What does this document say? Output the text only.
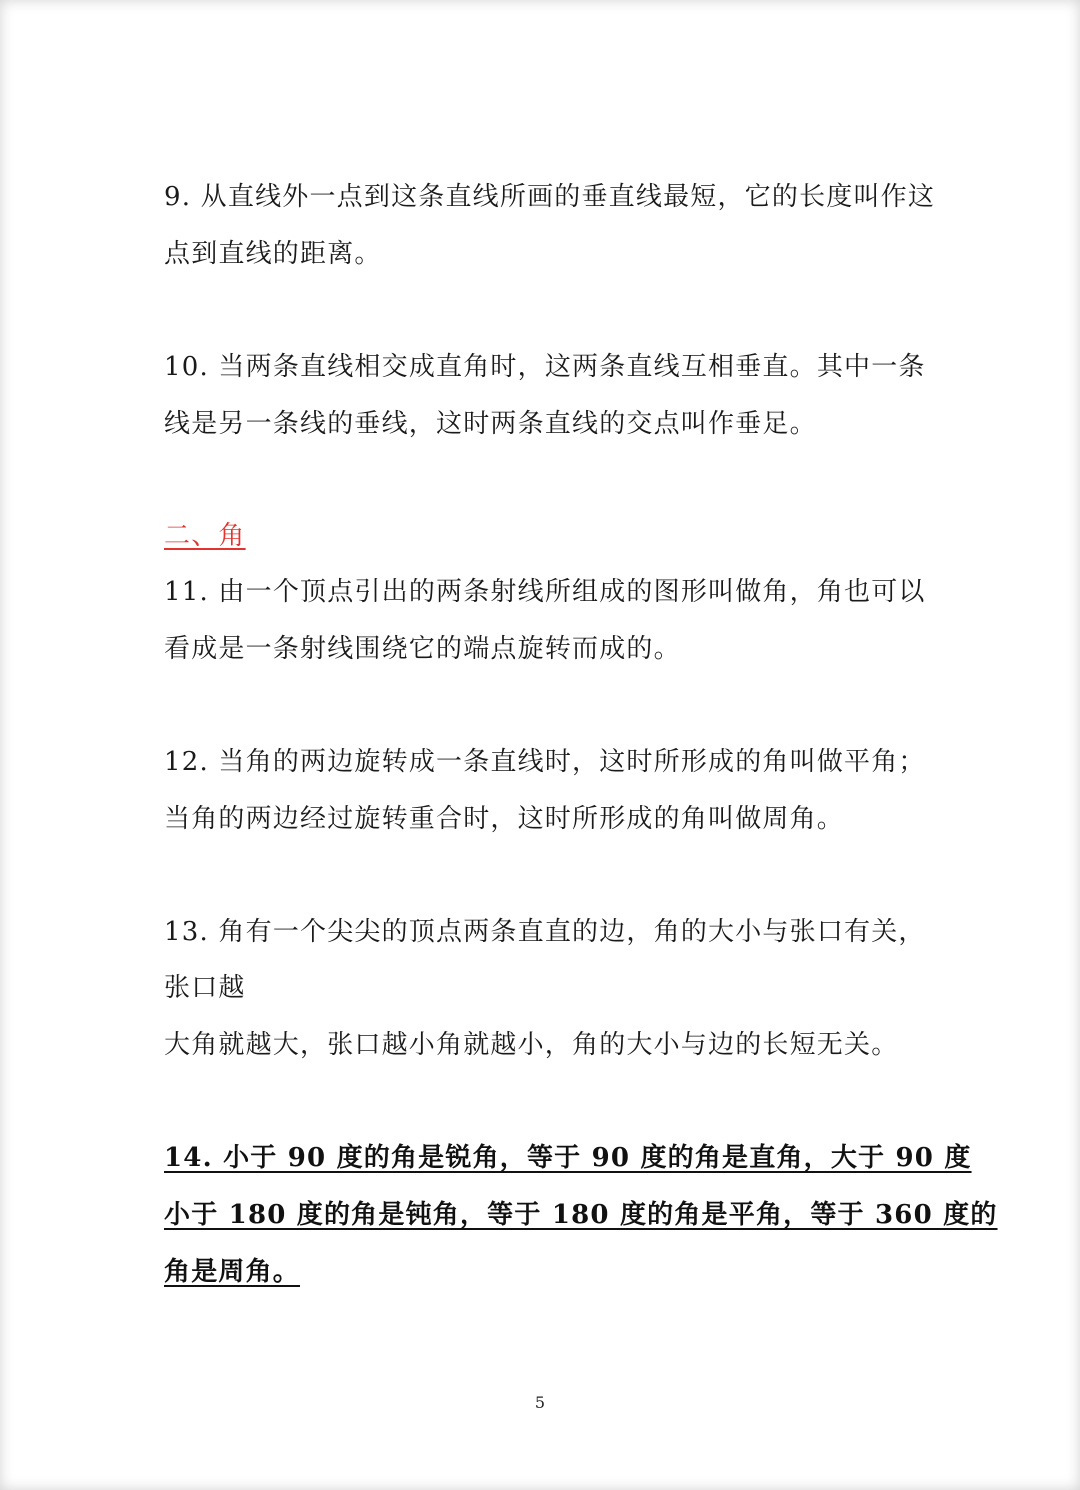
9. 从直线外一点到这条直线所画的垂直线最短，它的长度叫作这
点到直线的距离。
10. 当两条直线相交成直角时，这两条直线互相垂直。其中一条
线是另一条线的垂线，这时两条直线的交点叫作垂足。
二、角
11. 由一个顶点引出的两条射线所组成的图形叫做角，角也可以
看成是一条射线围绕它的端点旋转而成的。
12. 当角的两边旋转成一条直线时，这时所形成的角叫做平角；
当角的两边经过旋转重合时，这时所形成的角叫做周角。
13. 角有一个尖尖的顶点两条直直的边，角的大小与张口有关，
张口越
大角就越大，张口越小角就越小，角的大小与边的长短无关。
14. 小于 90 度的角是锐角，等于 90 度的角是直角，大于 90 度
小于 180 度的角是钝角，等于 180 度的角是平角，等于 360 度的
角是周角。
5
